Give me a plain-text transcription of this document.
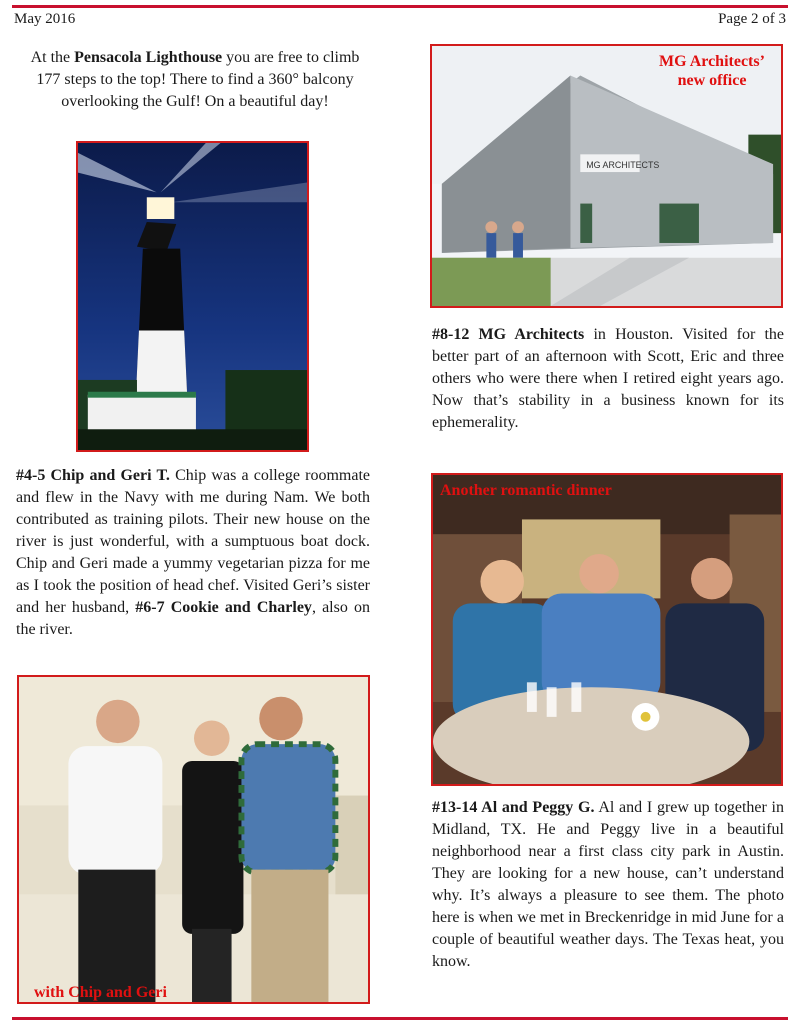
May 2016	Page 2 of 3
At the Pensacola Lighthouse you are free to climb 177 steps to the top! There to find a 360° balcony overlooking the Gulf! On a beautiful day!
#4-5 Chip and Geri T. Chip was a college roommate and flew in the Navy with me during Nam. We both contributed as training pilots. Their new house on the river is just wonderful, with a sumptuous boat dock. Chip and Geri made a yummy vegetarian pizza for me as I took the position of head chef. Visited Geri’s sister and her husband, #6-7 Cookie and Charley, also on the river.
with Chip and Geri
MG ARCHITECTS
MG Architects’ new office
#8-12 MG Architects in Houston. Visited for the better part of an afternoon with Scott, Eric and three others who were there when I retired eight years ago. Now that’s stability in a business known for its ephemerality.
Another romantic dinner
#13-14 Al and Peggy G. Al and I grew up together in Midland, TX. He and Peggy live in a beautiful neighborhood near a first class city park in Austin. They are looking for a new house, can’t understand why. It’s always a pleasure to see them. The photo here is when we met in Breckenridge in mid June for a couple of beautiful weather days. The Texas heat, you know.
